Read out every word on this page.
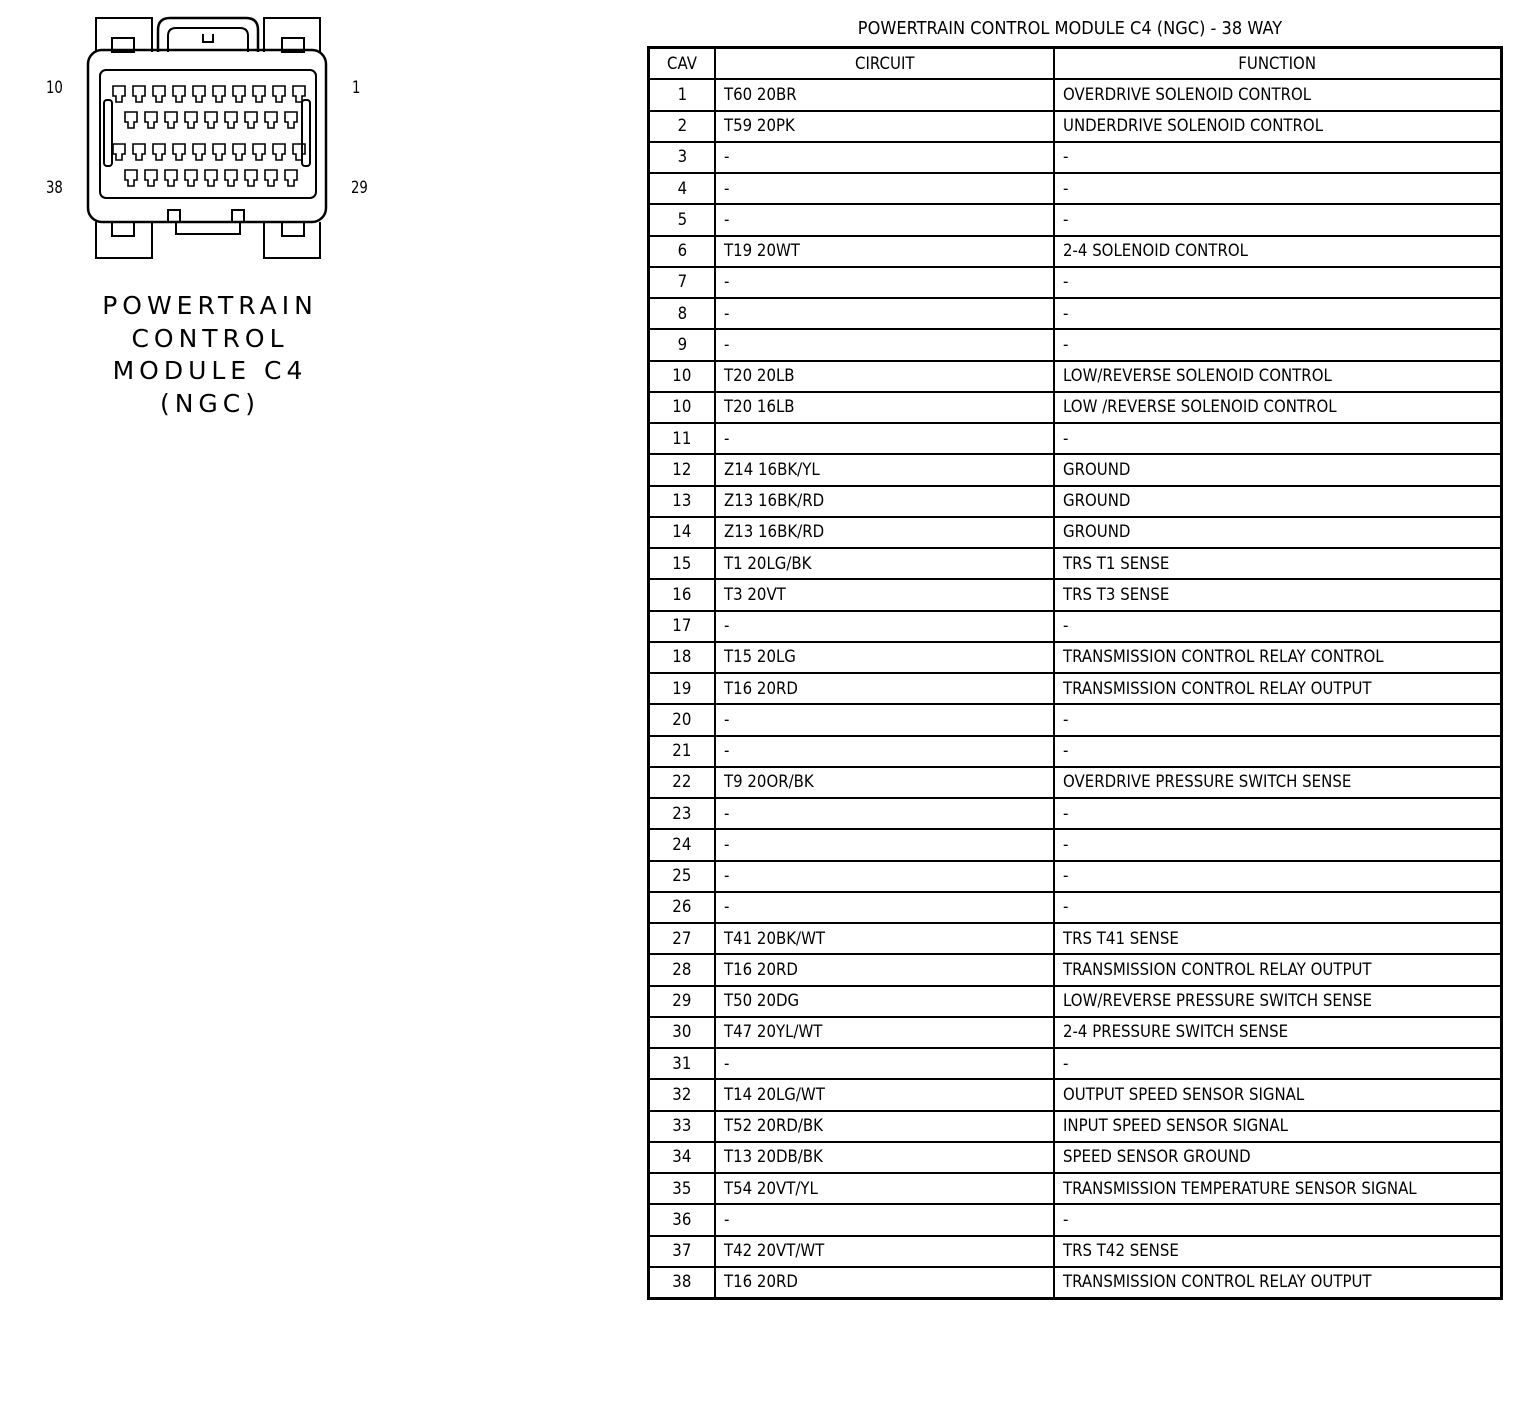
10	1
38	29
POWERTRAIN
CONTROL
MODULE C4
(NGC)
POWERTRAIN CONTROL MODULE C4 (NGC) - 38 WAY
CAV	CIRCUIT	FUNCTION
1	T60 20BR	OVERDRIVE SOLENOID CONTROL
2	T59 20PK	UNDERDRIVE SOLENOID CONTROL
3	-	-
4	-	-
5	-	-
6	T19 20WT	2-4 SOLENOID CONTROL
7	-	-
8	-	-
9	-	-
10	T20 20LB	LOW/REVERSE SOLENOID CONTROL
10	T20 16LB	LOW /REVERSE SOLENOID CONTROL
11	-	-
12	Z14 16BK/YL	GROUND
13	Z13 16BK/RD	GROUND
14	Z13 16BK/RD	GROUND
15	T1 20LG/BK	TRS T1 SENSE
16	T3 20VT	TRS T3 SENSE
17	-	-
18	T15 20LG	TRANSMISSION CONTROL RELAY CONTROL
19	T16 20RD	TRANSMISSION CONTROL RELAY OUTPUT
20	-	-
21	-	-
22	T9 20OR/BK	OVERDRIVE PRESSURE SWITCH SENSE
23	-	-
24	-	-
25	-	-
26	-	-
27	T41 20BK/WT	TRS T41 SENSE
28	T16 20RD	TRANSMISSION CONTROL RELAY OUTPUT
29	T50 20DG	LOW/REVERSE PRESSURE SWITCH SENSE
30	T47 20YL/WT	2-4 PRESSURE SWITCH SENSE
31	-	-
32	T14 20LG/WT	OUTPUT SPEED SENSOR SIGNAL
33	T52 20RD/BK	INPUT SPEED SENSOR SIGNAL
34	T13 20DB/BK	SPEED SENSOR GROUND
35	T54 20VT/YL	TRANSMISSION TEMPERATURE SENSOR SIGNAL
36	-	-
37	T42 20VT/WT	TRS T42 SENSE
38	T16 20RD	TRANSMISSION CONTROL RELAY OUTPUT
